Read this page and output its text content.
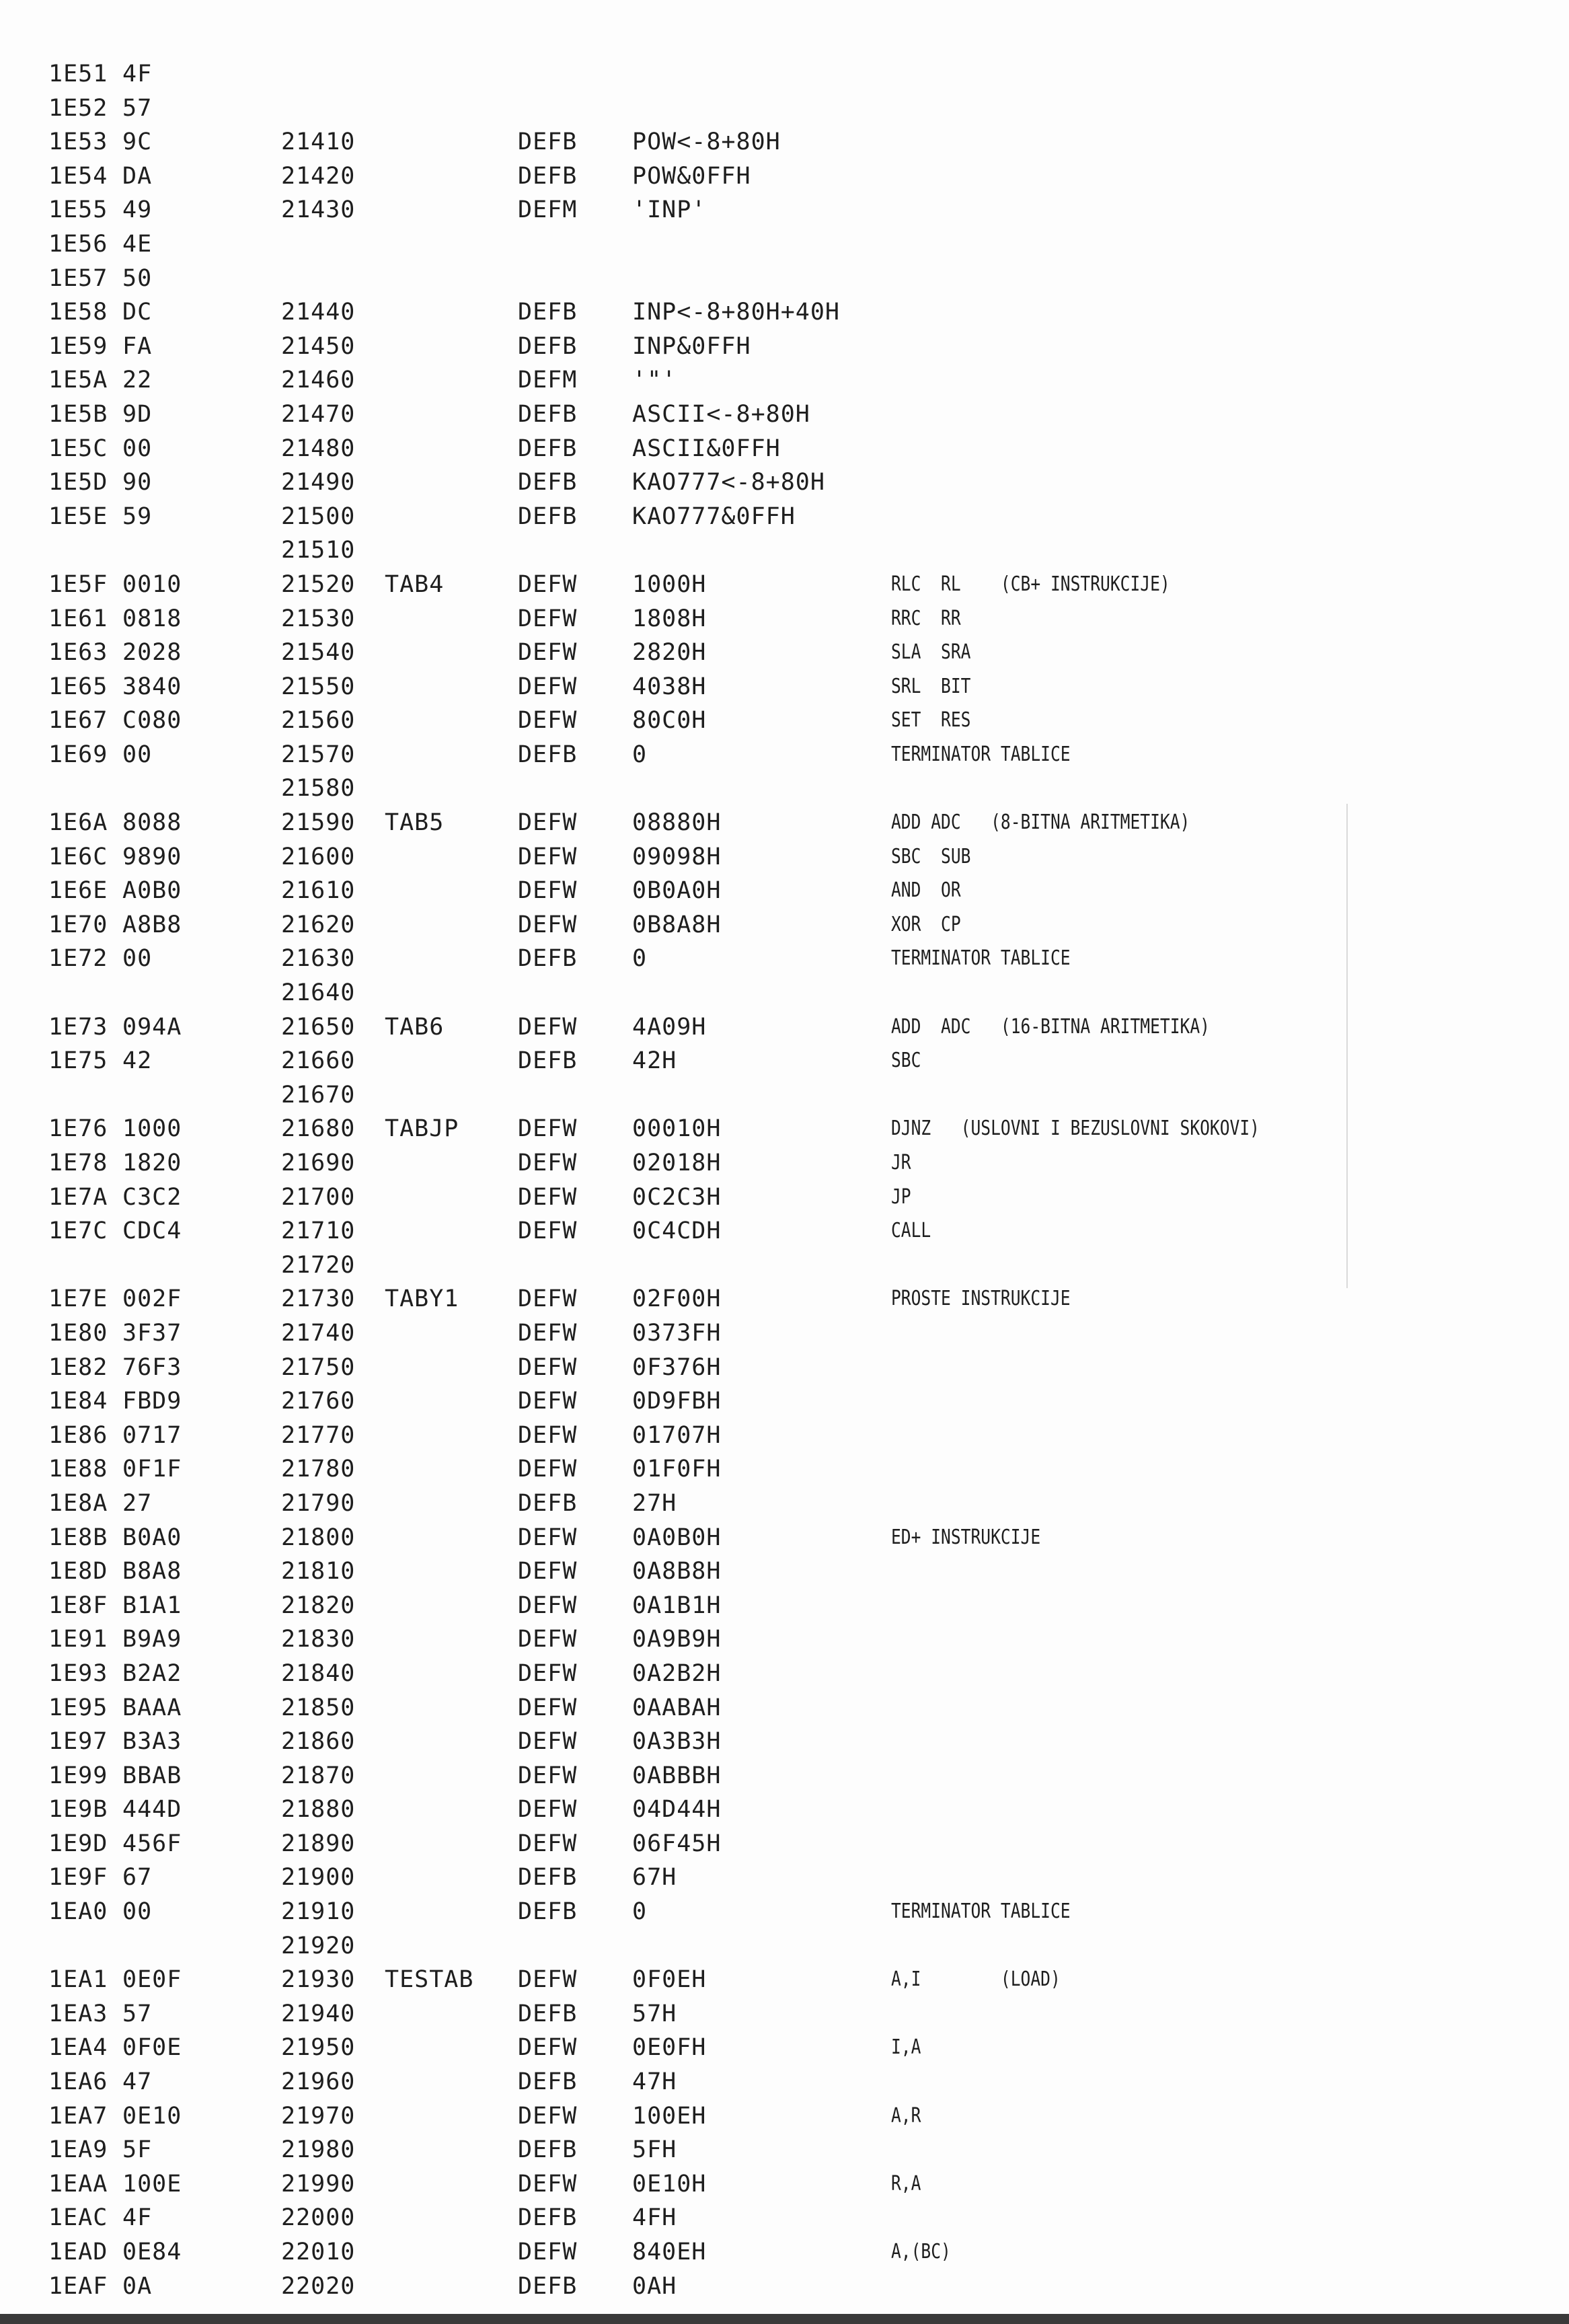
1E51 4F
1E52 57
1E53 9C	21410	DEFB POW<-8+80H
1E54 DA	21420	DEFB POW&0FFH
1E55 49	21430	DEFM 'INP'
1E56 4E
1E57 50
1E58 DC	21440	DEFB INP<-8+80H+40H
1E59 FA	21450	DEFB INP&0FFH
1E5A 22	21460	DEFM '"'
1E5B 9D	21470	DEFB ASCII<-8+80H
1E5C 00	21480	DEFB ASCII&0FFH
1E5D 90	21490	DEFB KAO777<-8+80H
1E5E 59	21500	DEFB KAO777&0FFH
21510
1E5F 0010	21520 TAB4	DEFW 1000H	RLC  RL    (CB+ INSTRUKCIJE)
1E61 0818	21530	DEFW 1808H	RRC  RR
1E63 2028	21540	DEFW 2820H	SLA  SRA
1E65 3840	21550	DEFW 4038H	SRL  BIT
1E67 C080	21560	DEFW 80C0H	SET  RES
1E69 00	21570	DEFB 0	TERMINATOR TABLICE
21580
1E6A 8088	21590 TAB5	DEFW 08880H	ADD ADC   (8-BITNA ARITMETIKA)
1E6C 9890	21600	DEFW 09098H	SBC  SUB
1E6E A0B0	21610	DEFW 0B0A0H	AND  OR
1E70 A8B8	21620	DEFW 0B8A8H	XOR  CP
1E72 00	21630	DEFB 0	TERMINATOR TABLICE
21640
1E73 094A	21650 TAB6	DEFW 4A09H	ADD  ADC   (16-BITNA ARITMETIKA)
1E75 42	21660	DEFB 42H	SBC
21670
1E76 1000	21680 TABJP	DEFW 00010H	DJNZ   (USLOVNI I BEZUSLOVNI SKOKOVI)
1E78 1820	21690	DEFW 02018H	JR
1E7A C3C2	21700	DEFW 0C2C3H	JP
1E7C CDC4	21710	DEFW 0C4CDH	CALL
21720
1E7E 002F	21730 TABY1	DEFW 02F00H	PROSTE INSTRUKCIJE
1E80 3F37	21740	DEFW 0373FH
1E82 76F3	21750	DEFW 0F376H
1E84 FBD9	21760	DEFW 0D9FBH
1E86 0717	21770	DEFW 01707H
1E88 0F1F	21780	DEFW 01F0FH
1E8A 27	21790	DEFB 27H
1E8B B0A0	21800	DEFW 0A0B0H	ED+ INSTRUKCIJE
1E8D B8A8	21810	DEFW 0A8B8H
1E8F B1A1	21820	DEFW 0A1B1H
1E91 B9A9	21830	DEFW 0A9B9H
1E93 B2A2	21840	DEFW 0A2B2H
1E95 BAAA	21850	DEFW 0AABAH
1E97 B3A3	21860	DEFW 0A3B3H
1E99 BBAB	21870	DEFW 0ABBBH
1E9B 444D	21880	DEFW 04D44H
1E9D 456F	21890	DEFW 06F45H
1E9F 67	21900	DEFB 67H
1EA0 00	21910	DEFB 0	TERMINATOR TABLICE
21920
1EA1 0E0F	21930 TESTAB DEFW 0F0EH	A,I        (LOAD)
1EA3 57	21940	DEFB 57H
1EA4 0F0E	21950	DEFW 0E0FH	I,A
1EA6 47	21960	DEFB 47H
1EA7 0E10	21970	DEFW 100EH	A,R
1EA9 5F	21980	DEFB 5FH
1EAA 100E	21990	DEFW 0E10H	R,A
1EAC 4F	22000	DEFB 4FH
1EAD 0E84	22010	DEFW 840EH	A,(BC)
1EAF 0A	22020	DEFB 0AH
